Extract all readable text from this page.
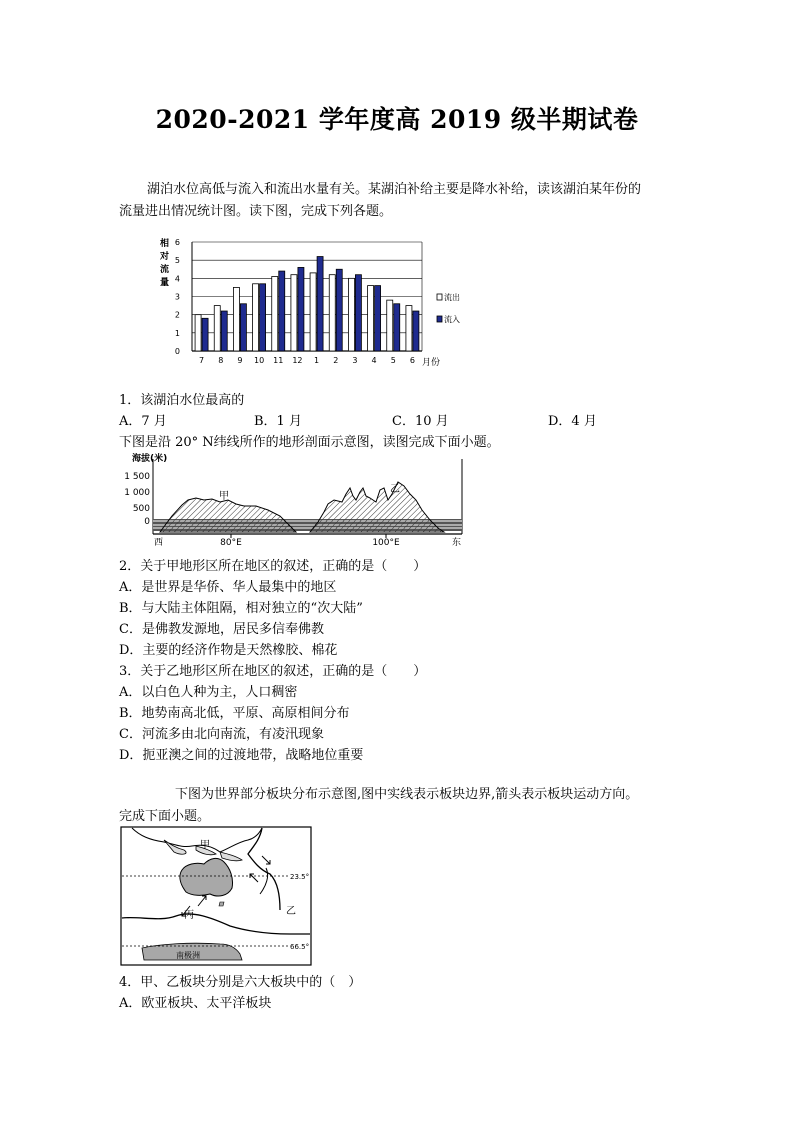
2020-2021 学年度高 2019 级半期试卷
湖泊水位高低与流入和流出水量有关。某湖泊补给主要是降水补给，读该湖泊某年份的
流量进出情况统计图。读下图，完成下列各题。
0
1
2
3
4
5
6
7 8 9 10 11 12 1 2 3 4 5 6
相对流量
月份
流出
流入
1．该湖泊水位最高的
A．7 月	B．1 月	C．10 月	D．4 月
下图是沿 20° N纬线所作的地形剖面示意图，读图完成下面小题。
海拔(米)
1 500
1 000
500
0
甲
乙
80°E	100°E
西	东
2．关于甲地形区所在地区的叙述，正确的是（　　）
A．是世界是华侨、华人最集中的地区
B．与大陆主体阻隔，相对独立的“次大陆”
C．是佛教发源地，居民多信奉佛教
D．主要的经济作物是天然橡胶、棉花
3．关于乙地形区所在地区的叙述，正确的是（　　）
A．以白色人种为主，人口稠密
B．地势南高北低，平原、高原相间分布
C．河流多由北向南流，有凌汛现象
D．扼亚澳之间的过渡地带，战略地位重要
下图为世界部分板块分布示意图,图中实线表示板块边界,箭头表示板块运动方向。
完成下面小题。
甲
乙
丙
23.5°
66.5°
南极洲
4．甲、乙板块分别是六大板块中的（　）
A．欧亚板块、太平洋板块
